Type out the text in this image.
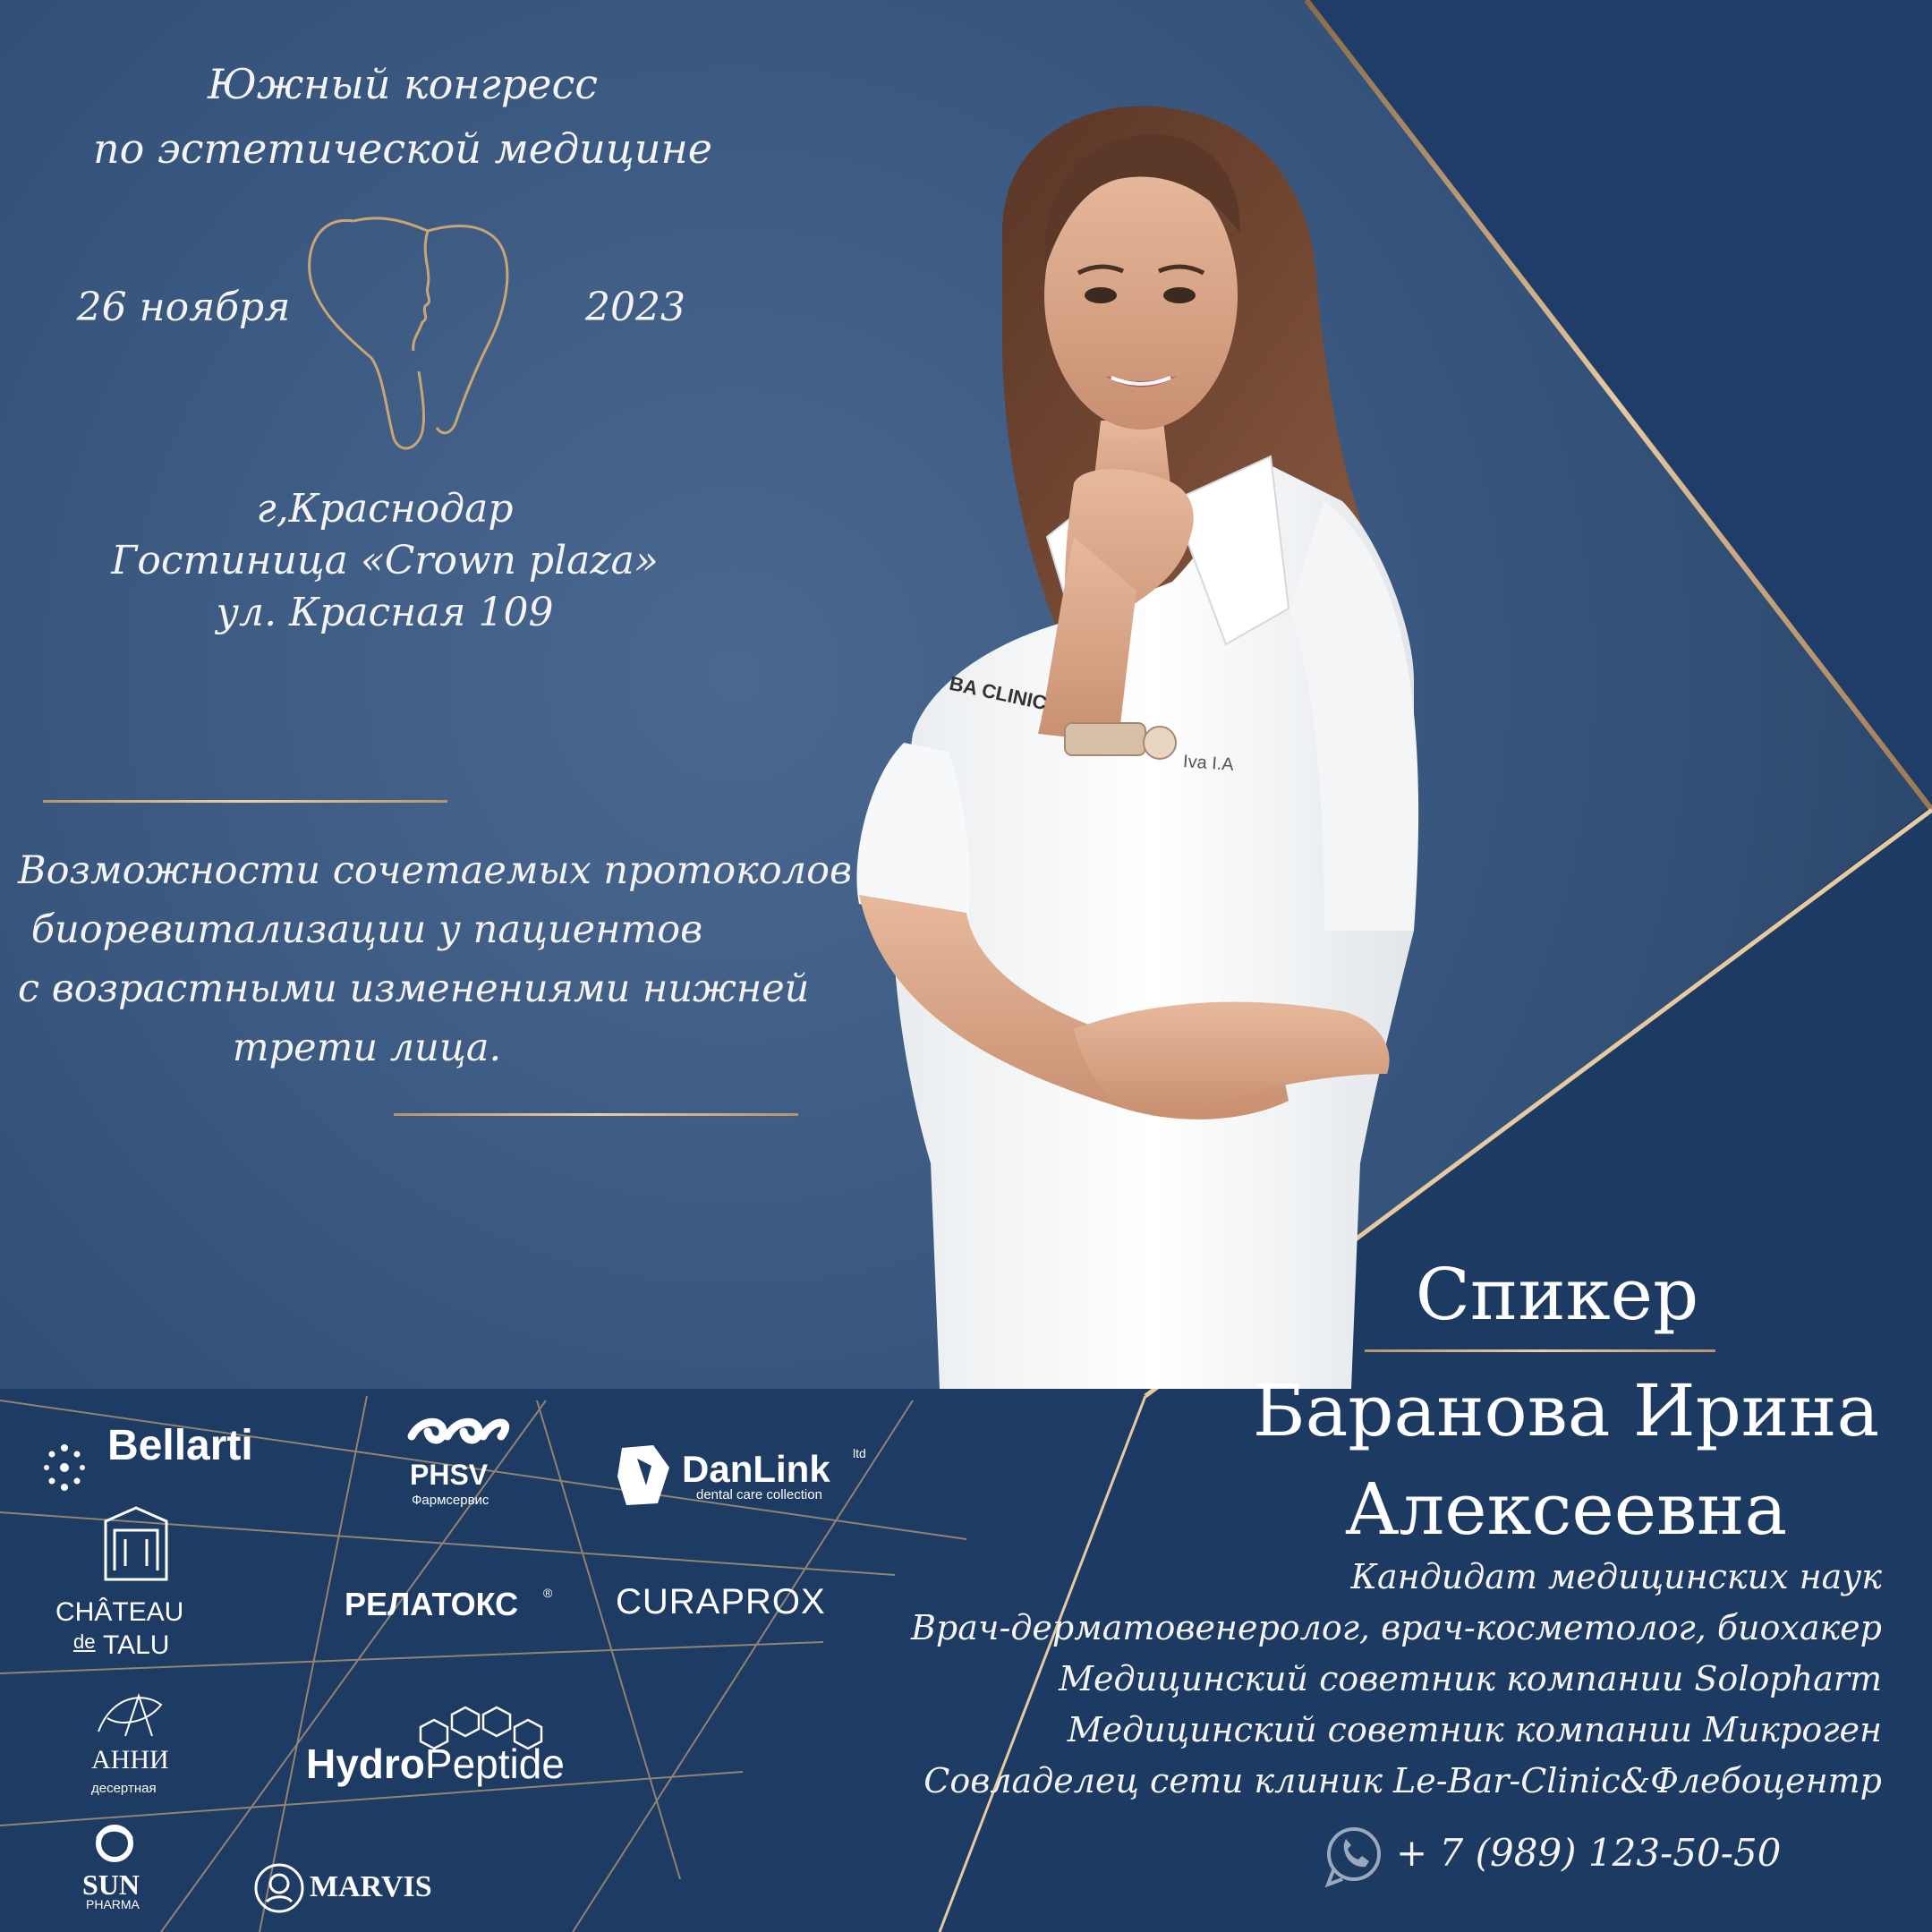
Южный конгресс
по эстетической медицине
26 ноября	2023
г,Краснодар
Гостиница «Crown plaza»
ул. Красная 109
Возможности сочетаемых протоколов
биоревитализации у пациентов
с возрастными изменениями нижней
трети лица.
BA CLINIC
Iva I.A
Спикер
Баранова Ирина
Алексеевна
Кандидат медицинских наук
Врач-дерматовенеролог, врач-косметолог, биохакер
Медицинский советник компании Solopharm
Медицинский советник компании Микроген
Совладелец сети клиник Le-Bar-Clinic&Флебоцентр
+ 7 (989) 123-50-50
Bellarti
PHSV
Фармсервис
DanLink ltd
dental care collection
CHÂTEAU
de TALU
РЕЛАТОКС ® CURAPROX
АННИ
десертная
HydroPeptide
SUN
PHARMA
MARVIS
